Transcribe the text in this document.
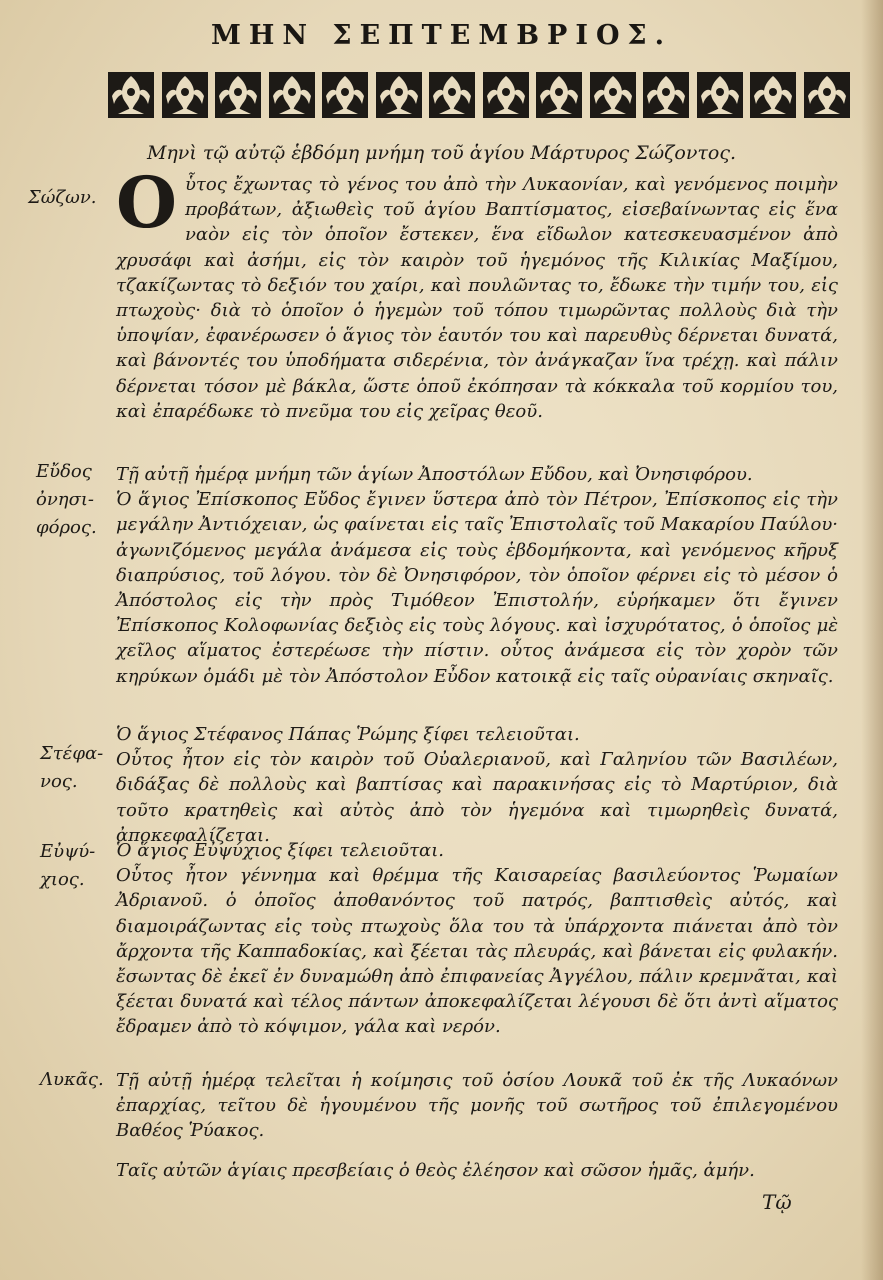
ΜΗΝ ΣΕΠΤΕΜΒΡΙΟΣ.
Μηνὶ τῷ αὐτῷ ἑβδόμη μνήμη τοῦ ἁγίου Μάρτυρος Σώζοντος.
Σώζων.
Εὔδος
ὀνησι-
φόρος.
Στέφα-
νος.
Εὐψύ-
χιος.
Λυκᾶς.
Ο ὗτος ἔχωντας τὸ γένος του ἀπὸ τὴν Λυκαονίαν, καὶ γενόμενος ποιμὴν προβάτων, ἀξιωθεὶς τοῦ ἁγίου Βαπτίσματος, εἰσεβαίνωντας εἰς ἕνα ναὸν εἰς τὸν ὁποῖον ἔστεκεν, ἕνα εἴδωλον κατεσκευασμένον ἀπὸ χρυσάφι καὶ ἀσήμι, εἰς τὸν καιρὸν τοῦ ἡγεμόνος τῆς Κιλικίας Μαξίμου, τζακίζωντας τὸ δεξιόν του χαίρι, καὶ πουλῶντας το, ἔδωκε τὴν τιμήν του, εἰς πτωχοὺς· διὰ τὸ ὁποῖον ὁ ἡγεμὼν τοῦ τόπου τιμωρῶντας πολλοὺς διὰ τὴν ὑποψίαν, ἐφανέρωσεν ὁ ἅγιος τὸν ἑαυτόν του καὶ παρευθὺς δέρνεται δυνατά, καὶ βάνοντές του ὑποδήματα σιδερένια, τὸν ἀνάγκαζαν ἵνα τρέχῃ. καὶ πάλιν δέρνεται τόσον μὲ βάκλα, ὥστε ὁποῦ ἐκόπησαν τὰ κόκκαλα τοῦ κορμίου του, καὶ ἐπαρέδωκε τὸ πνεῦμα του εἰς χεῖρας θεοῦ.
Τῇ αὐτῇ ἡμέρᾳ μνήμη τῶν ἁγίων Ἀποστόλων Εὔδου, καὶ Ὀνησιφόρου.
Ὁ ἅγιος Ἐπίσκοπος Εὔδος ἔγινεν ὕστερα ἀπὸ τὸν Πέτρον, Ἐπίσκοπος εἰς τὴν μεγάλην Ἀντιόχειαν, ὡς φαίνεται εἰς ταῖς Ἐπιστολαῖς τοῦ Μακαρίου Παύλου· ἀγωνιζόμενος μεγάλα ἀνάμεσα εἰς τοὺς ἑβδομήκοντα, καὶ γενόμενος κῆρυξ διαπρύσιος, τοῦ λόγου. τὸν δὲ Ὀνησιφόρον, τὸν ὁποῖον φέρνει εἰς τὸ μέσον ὁ Ἀπόστολος εἰς τὴν πρὸς Τιμόθεον Ἐπιστολήν, εὑρήκαμεν ὅτι ἔγινεν Ἐπίσκοπος Κολοφωνίας δεξιὸς εἰς τοὺς λόγους. καὶ ἰσχυρότατος, ὁ ὁποῖος μὲ χεῖλος αἵματος ἐστερέωσε τὴν πίστιν. οὗτος ἀνάμεσα εἰς τὸν χορὸν τῶν κηρύκων ὁμάδι μὲ τὸν Ἀπόστολον Εὖδον κατοικᾷ εἰς ταῖς οὐρανίαις σκηναῖς.
Ὁ ἅγιος Στέφανος Πάπας Ῥώμης ξίφει τελειοῦται.
Οὗτος ἦτον εἰς τὸν καιρὸν τοῦ Οὐαλεριανοῦ, καὶ Γαληνίου τῶν Βασιλέων, διδάξας δὲ πολλοὺς καὶ βαπτίσας καὶ παρακινήσας εἰς τὸ Μαρτύριον, διὰ τοῦτο κρατηθεὶς καὶ αὐτὸς ἀπὸ τὸν ἡγεμόνα καὶ τιμωρηθεὶς δυνατά, ἀποκεφαλίζεται.
Ὁ ἅγιος Εὐψύχιος ξίφει τελειοῦται.
Οὗτος ἦτον γέννημα καὶ θρέμμα τῆς Καισαρείας βασιλεύοντος Ῥωμαίων Ἀδριανοῦ. ὁ ὁποῖος ἀποθανόντος τοῦ πατρός, βαπτισθεὶς αὐτός, καὶ διαμοιράζωντας εἰς τοὺς πτωχοὺς ὅλα του τὰ ὑπάρχοντα πιάνεται ἀπὸ τὸν ἄρχοντα τῆς Καππαδοκίας, καὶ ξέεται τὰς πλευράς, καὶ βάνεται εἰς φυλακήν. ἔσωντας δὲ ἐκεῖ ἐν δυναμώθη ἀπὸ ἐπιφανείας Ἀγγέλου, πάλιν κρεμνᾶται, καὶ ξέεται δυνατά καὶ τέλος πάντων ἀποκεφαλίζεται λέγουσι δὲ ὅτι ἀντὶ αἵματος ἔδραμεν ἀπὸ τὸ κόψιμον, γάλα καὶ νερόν.
Τῇ αὐτῇ ἡμέρᾳ τελεῖται ἡ κοίμησις τοῦ ὁσίου Λουκᾶ τοῦ ἐκ τῆς Λυκαόνων ἐπαρχίας, τεῖτου δὲ ἡγουμένου τῆς μονῆς τοῦ σωτῆρος τοῦ ἐπιλεγομένου Βαθέος Ῥύακος.
Ταῖς αὐτῶν ἁγίαις πρεσβείαις ὁ θεὸς ἐλέησον καὶ σῶσον ἡμᾶς, ἀμήν.
Τῷ
